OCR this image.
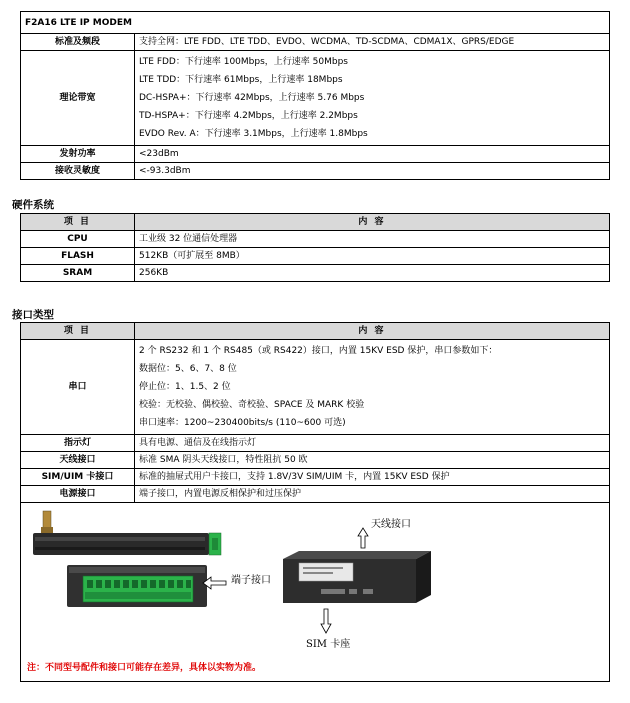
F2A16 LTE IP MODEM	
标准及频段	支持全网：LTE FDD、LTE TDD、EVDO、WCDMA、TD-SCDMA、CDMA1X、GPRS/EDGE
理论带宽	LTE FDD：下行速率 100Mbps，上行速率 50Mbps
LTE TDD：下行速率 61Mbps，上行速率 18Mbps
DC-HSPA+：下行速率 42Mbps，上行速率 5.76 Mbps
TD-HSPA+：下行速率 4.2Mbps，上行速率 2.2Mbps
EVDO Rev. A：下行速率 3.1Mbps，上行速率 1.8Mbps

发射功率	<23dBm
接收灵敏度	<-93.3dBm
硬件系统
项 目	内 容
CPU	工业级 32 位通信处理器
FLASH	512KB（可扩展至 8MB）
SRAM	256KB
接口类型
项 目	内 容
串口	2 个 RS232 和 1 个 RS485（或 RS422）接口，内置 15KV ESD 保护，串口参数如下：
数据位：5、6、7、8 位
停止位：1、1.5、2 位
校验：无校验、偶校验、奇校验、SPACE 及 MARK 校验
串口速率：1200~230400bits/s (110~600 可选)

指示灯	具有电源、通信及在线指示灯
天线接口	标准 SMA 阴头天线接口，特性阻抗 50 欧
SIM/UIM 卡接口	标准的抽屉式用户卡接口，支持 1.8V/3V SIM/UIM 卡，内置 15KV ESD 保护
电源接口	端子接口，内置电源反相保护和过压保护

端子接口
天线接口
SIM 卡座
注：不同型号配件和接口可能存在差异，具体以实物为准。	
